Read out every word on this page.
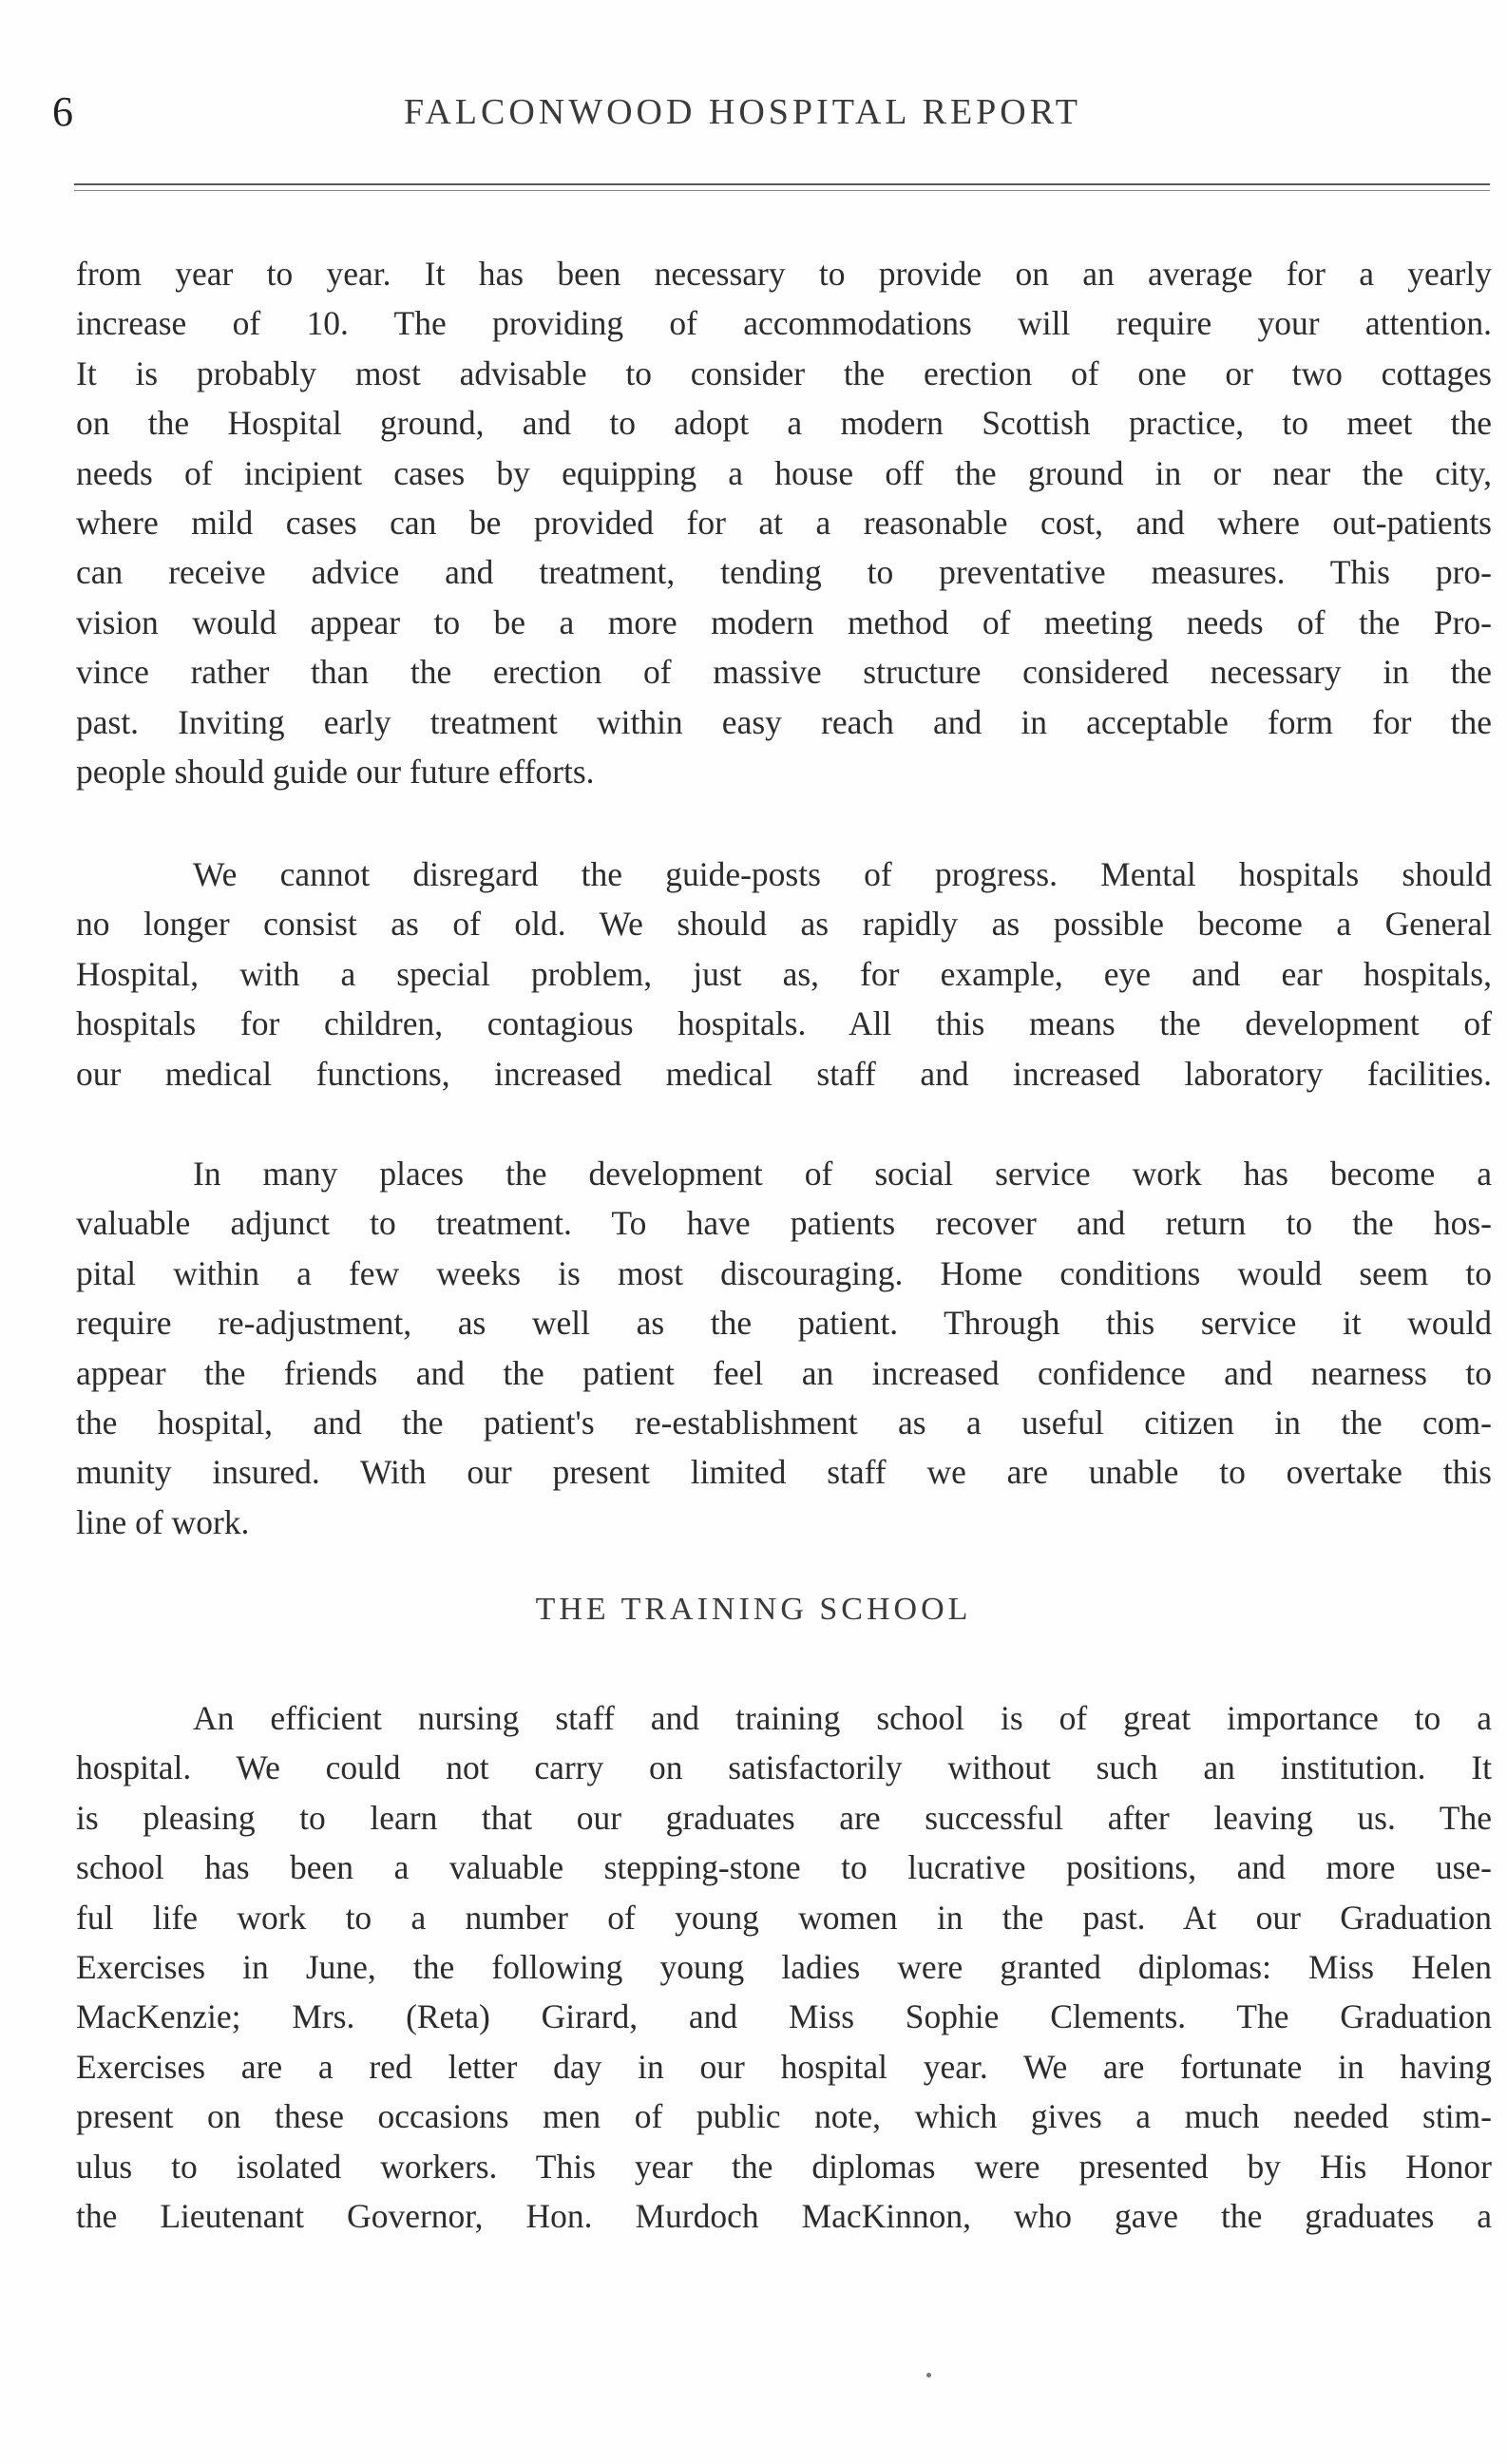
6	FALCONWOOD HOSPITAL REPORT
from year to year. It has been necessary to provide on an average for a yearly
increase of 10. The providing of accommodations will require your attention.
It is probably most advisable to consider the erection of one or two cottages
on the Hospital ground, and to adopt a modern Scottish practice, to meet the
needs of incipient cases by equipping a house off the ground in or near the city,
where mild cases can be provided for at a reasonable cost, and where out-patients
can receive advice and treatment, tending to preventative measures. This pro-
vision would appear to be a more modern method of meeting needs of the Pro-
vince rather than the erection of massive structure considered necessary in the
past. Inviting early treatment within easy reach and in acceptable form for the
people should guide our future efforts.
We cannot disregard the guide-posts of progress. Mental hospitals should
no longer consist as of old. We should as rapidly as possible become a General
Hospital, with a special problem, just as, for example, eye and ear hospitals,
hospitals for children, contagious hospitals. All this means the development of
our medical functions, increased medical staff and increased laboratory facilities.
In many places the development of social service work has become a
valuable adjunct to treatment. To have patients recover and return to the hos-
pital within a few weeks is most discouraging. Home conditions would seem to
require re-adjustment, as well as the patient. Through this service it would
appear the friends and the patient feel an increased confidence and nearness to
the hospital, and the patient's re-establishment as a useful citizen in the com-
munity insured. With our present limited staff we are unable to overtake this
line of work.
THE TRAINING SCHOOL
An efficient nursing staff and training school is of great importance to a
hospital. We could not carry on satisfactorily without such an institution. It
is pleasing to learn that our graduates are successful after leaving us. The
school has been a valuable stepping-stone to lucrative positions, and more use-
ful life work to a number of young women in the past. At our Graduation
Exercises in June, the following young ladies were granted diplomas: Miss Helen
MacKenzie; Mrs. (Reta) Girard, and Miss Sophie Clements. The Graduation
Exercises are a red letter day in our hospital year. We are fortunate in having
present on these occasions men of public note, which gives a much needed stim-
ulus to isolated workers. This year the diplomas were presented by His Honor
the Lieutenant Governor, Hon. Murdoch MacKinnon, who gave the graduates a
